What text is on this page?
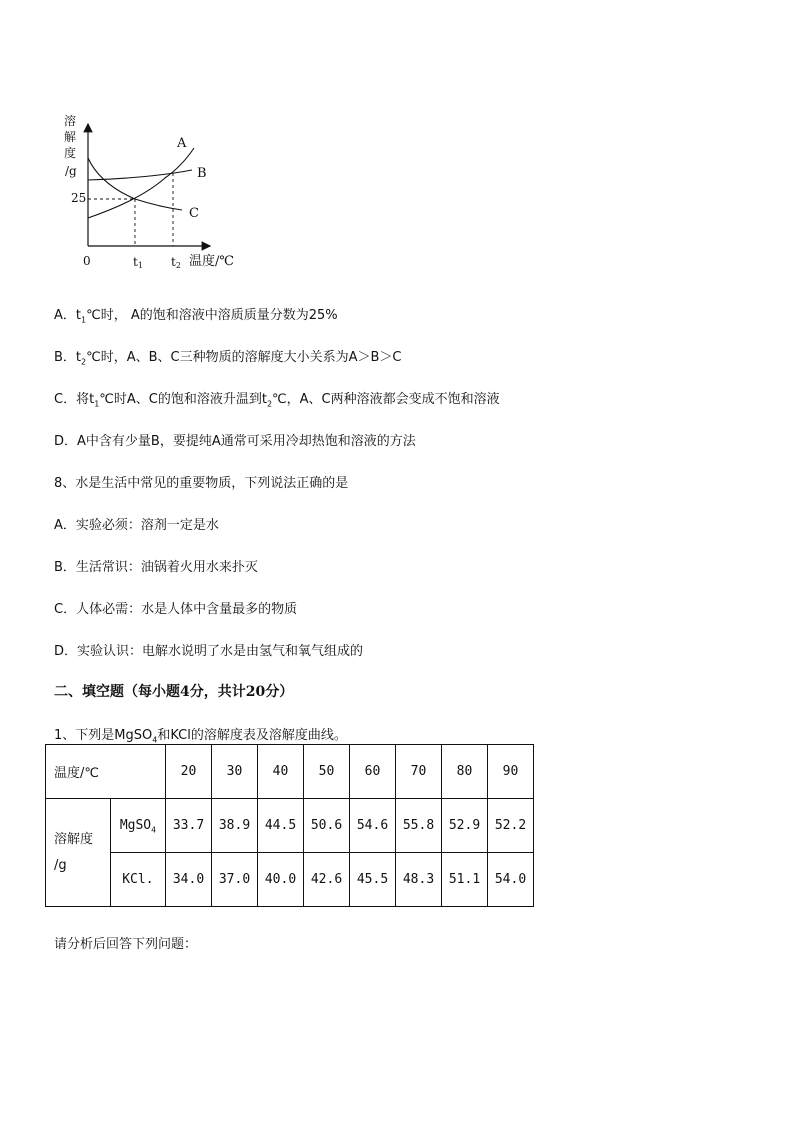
溶
解
度
/g
25
A
B
C
0	t1 t2 温度/℃
A．$t_1℃$时， A的饱和溶液中溶质质量分数为25%
B．$t_2℃$时，A、B、C三种物质的溶解度大小关系为A＞B＞C
C．将$t_1℃$时A、C的饱和溶液升温到$t_2℃$，A、C两种溶液都会变成不饱和溶液
D．A中含有少量B，要提纯A通常可采用冷却热饱和溶液的方法
8、水是生活中常见的重要物质，下列说法正确的是
A．实验必须：溶剂一定是水
B．生活常识：油锅着火用水来扑灭
C．人体必需：水是人体中含量最多的物质
D．实验认识：电解水说明了水是由氢气和氧气组成的
二、填空题（每小题4分，共计20分）
1、下列是MgSO$_4$和KCl的溶解度表及溶解度曲线。
温度/℃		20	30	40	50	60	70	80	90
溶解度
/g	MgSO$_4$	33.7	38.9	44.5	50.6	54.6	55.8	52.9	52.2
	KCl.	34.0	37.0	40.0	42.6	45.5	48.3	51.1	54.0
请分析后回答下列问题：
